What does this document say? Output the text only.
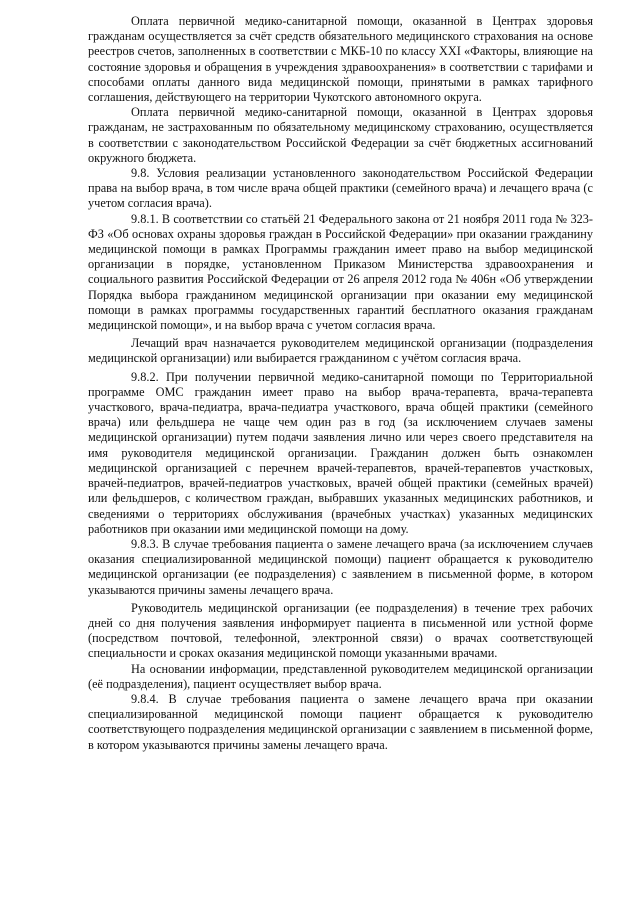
Оплата первичной медико-санитарной помощи, оказанной в Центрах здоровья гражданам осуществляется за счёт средств обязательного медицинского страхования на основе реестров счетов, заполненных в соответствии с МКБ-10 по классу XXI «Факторы, влияющие на состояние здоровья и обращения в учреждения здравоохранения» в соответствии с тарифами и способами оплаты данного вида медицинской помощи, принятыми в рамках тарифного соглашения, действующего на территории Чукотского автономного округа.

Оплата первичной медико-санитарной помощи, оказанной в Центрах здоровья гражданам, не застрахованным по обязательному медицинскому страхованию, осуществляется в соответствии с законодательством Российской Федерации за счёт бюджетных ассигнований окружного бюджета.

9.8. Условия реализации установленного законодательством Российской Федерации права на выбор врача, в том числе врача общей практики (семейного врача) и лечащего врача (с учетом согласия врача).

9.8.1. В соответствии со статьёй 21 Федерального закона от 21 ноября 2011 года № 323-ФЗ «Об основах охраны здоровья граждан в Российской Федерации» при оказании гражданину медицинской помощи в рамках Программы гражданин имеет право на выбор медицинской организации в порядке, установленном Приказом Министерства здравоохранения и социального развития Российской Федерации от 26 апреля 2012 года № 406н «Об утверждении Порядка выбора гражданином медицинской организации при оказании ему медицинской помощи в рамках программы государственных гарантий бесплатного оказания гражданам медицинской помощи», и на выбор врача с учетом согласия врача.

Лечащий врач назначается руководителем медицинской организации (подразделения медицинской организации) или выбирается гражданином с учётом согласия врача.

9.8.2. При получении первичной медико-санитарной помощи по Территориальной программе ОМС гражданин имеет право на выбор врача-терапевта, врача-терапевта участкового, врача-педиатра, врача-педиатра участкового, врача общей практики (семейного врача) или фельдшера не чаще чем один раз в год (за исключением случаев замены медицинской организации) путем подачи заявления лично или через своего представителя на имя руководителя медицинской организации. Гражданин должен быть ознакомлен медицинской организацией с перечнем врачей-терапевтов, врачей-терапевтов участковых, врачей-педиатров, врачей-педиатров участковых, врачей общей практики (семейных врачей) или фельдшеров, с количеством граждан, выбравших указанных медицинских работников, и сведениями о территориях обслуживания (врачебных участках) указанных медицинских работников при оказании ими медицинской помощи на дому.

9.8.3. В случае требования пациента о замене лечащего врача (за исключением случаев оказания специализированной медицинской помощи) пациент обращается к руководителю медицинской организации (ее подразделения) с заявлением в письменной форме, в котором указываются причины замены лечащего врача.

Руководитель медицинской организации (ее подразделения) в течение трех рабочих дней со дня получения заявления информирует пациента в письменной или устной форме (посредством почтовой, телефонной, электронной связи) о врачах соответствующей специальности и сроках оказания медицинской помощи указанными врачами.

На основании информации, представленной руководителем медицинской организации (её подразделения), пациент осуществляет выбор врача.

9.8.4. В случае требования пациента о замене лечащего врача при оказании специализированной медицинской помощи пациент обращается к руководителю соответствующего подразделения медицинской организации с заявлением в письменной форме, в котором указываются причины замены лечащего врача.
